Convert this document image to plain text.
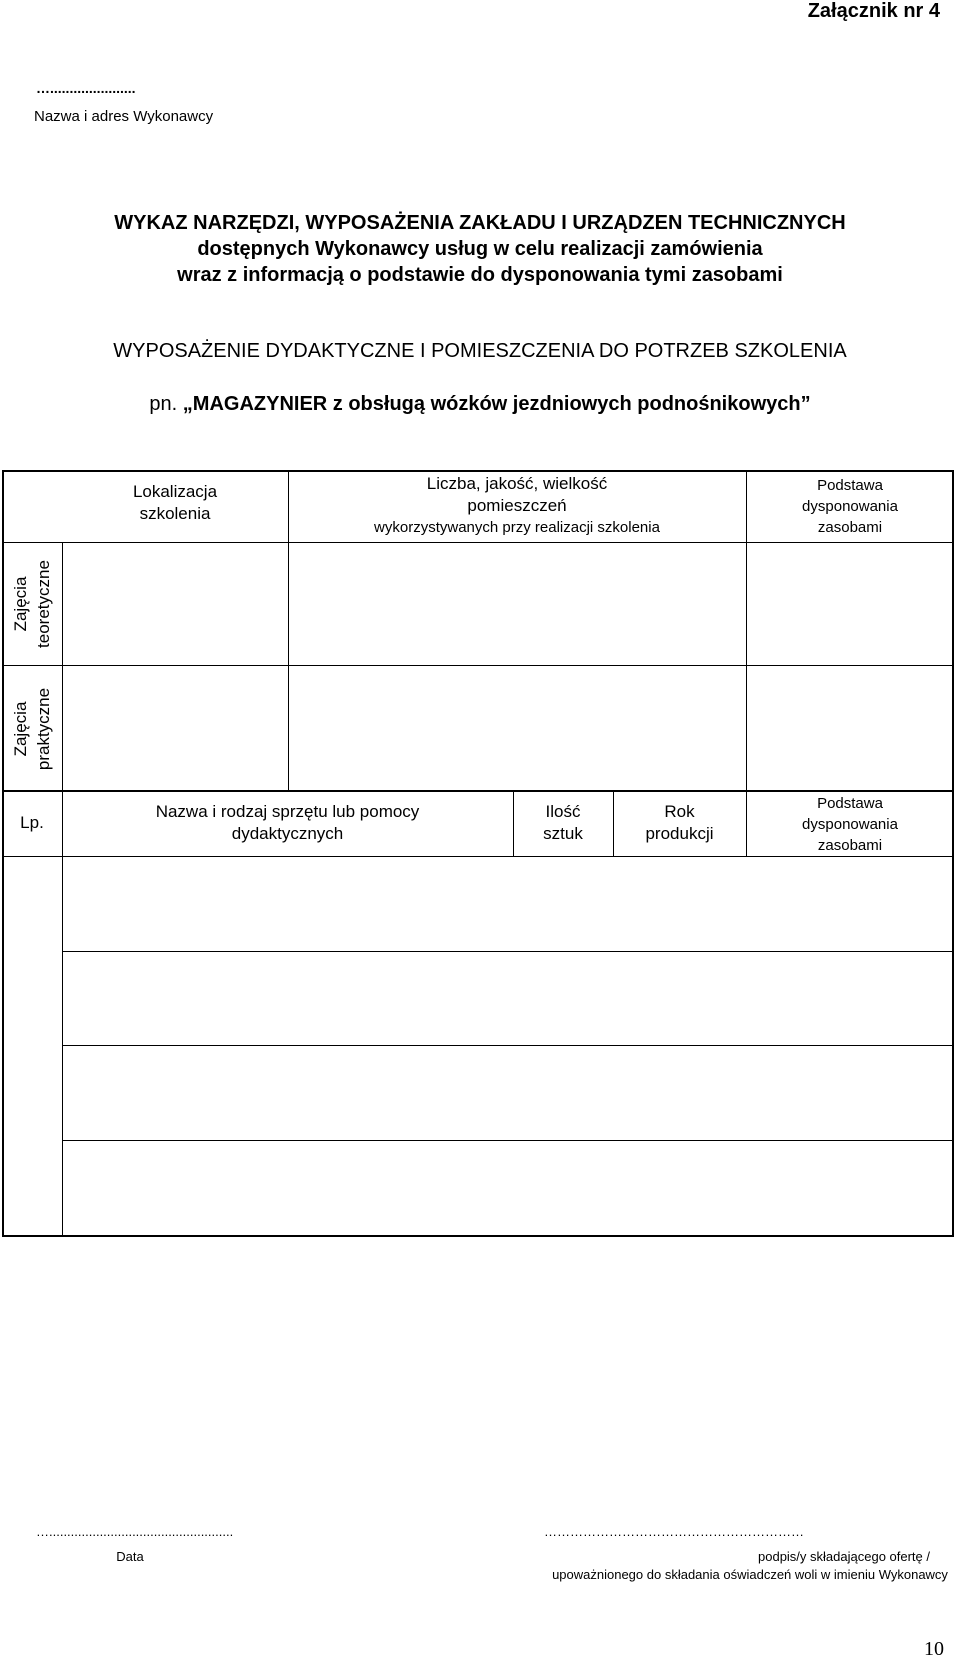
Załącznik nr 4
…......................
Nazwa i adres Wykonawcy
WYKAZ NARZĘDZI, WYPOSAŻENIA ZAKŁADU I URZĄDZEN TECHNICZNYCH
dostępnych Wykonawcy usług w celu realizacji zamówienia
wraz z informacją o podstawie do dysponowania tymi zasobami
WYPOSAŻENIE DYDAKTYCZNE I POMIESZCZENIA DO POTRZEB SZKOLENIA
pn. „MAGAZYNIER z obsługą wózków jezdniowych podnośnikowych”
Lokalizacja
szkolenia
Liczba, jakość, wielkość
pomieszczeń
wykorzystywanych przy realizacji szkolenia
Podstawa
dysponowania
zasobami
Zajęcia teoretyczne
Zajęcia praktyczne
Lp.
Nazwa i rodzaj sprzętu lub pomocy
dydaktycznych
Ilość
sztuk
Rok
produkcji
Podstawa
dysponowania
zasobami
…...................................................	……………………………………………………
Data	podpis/y składającego ofertę /
upoważnionego do składania oświadczeń woli w imieniu Wykonawcy
10
